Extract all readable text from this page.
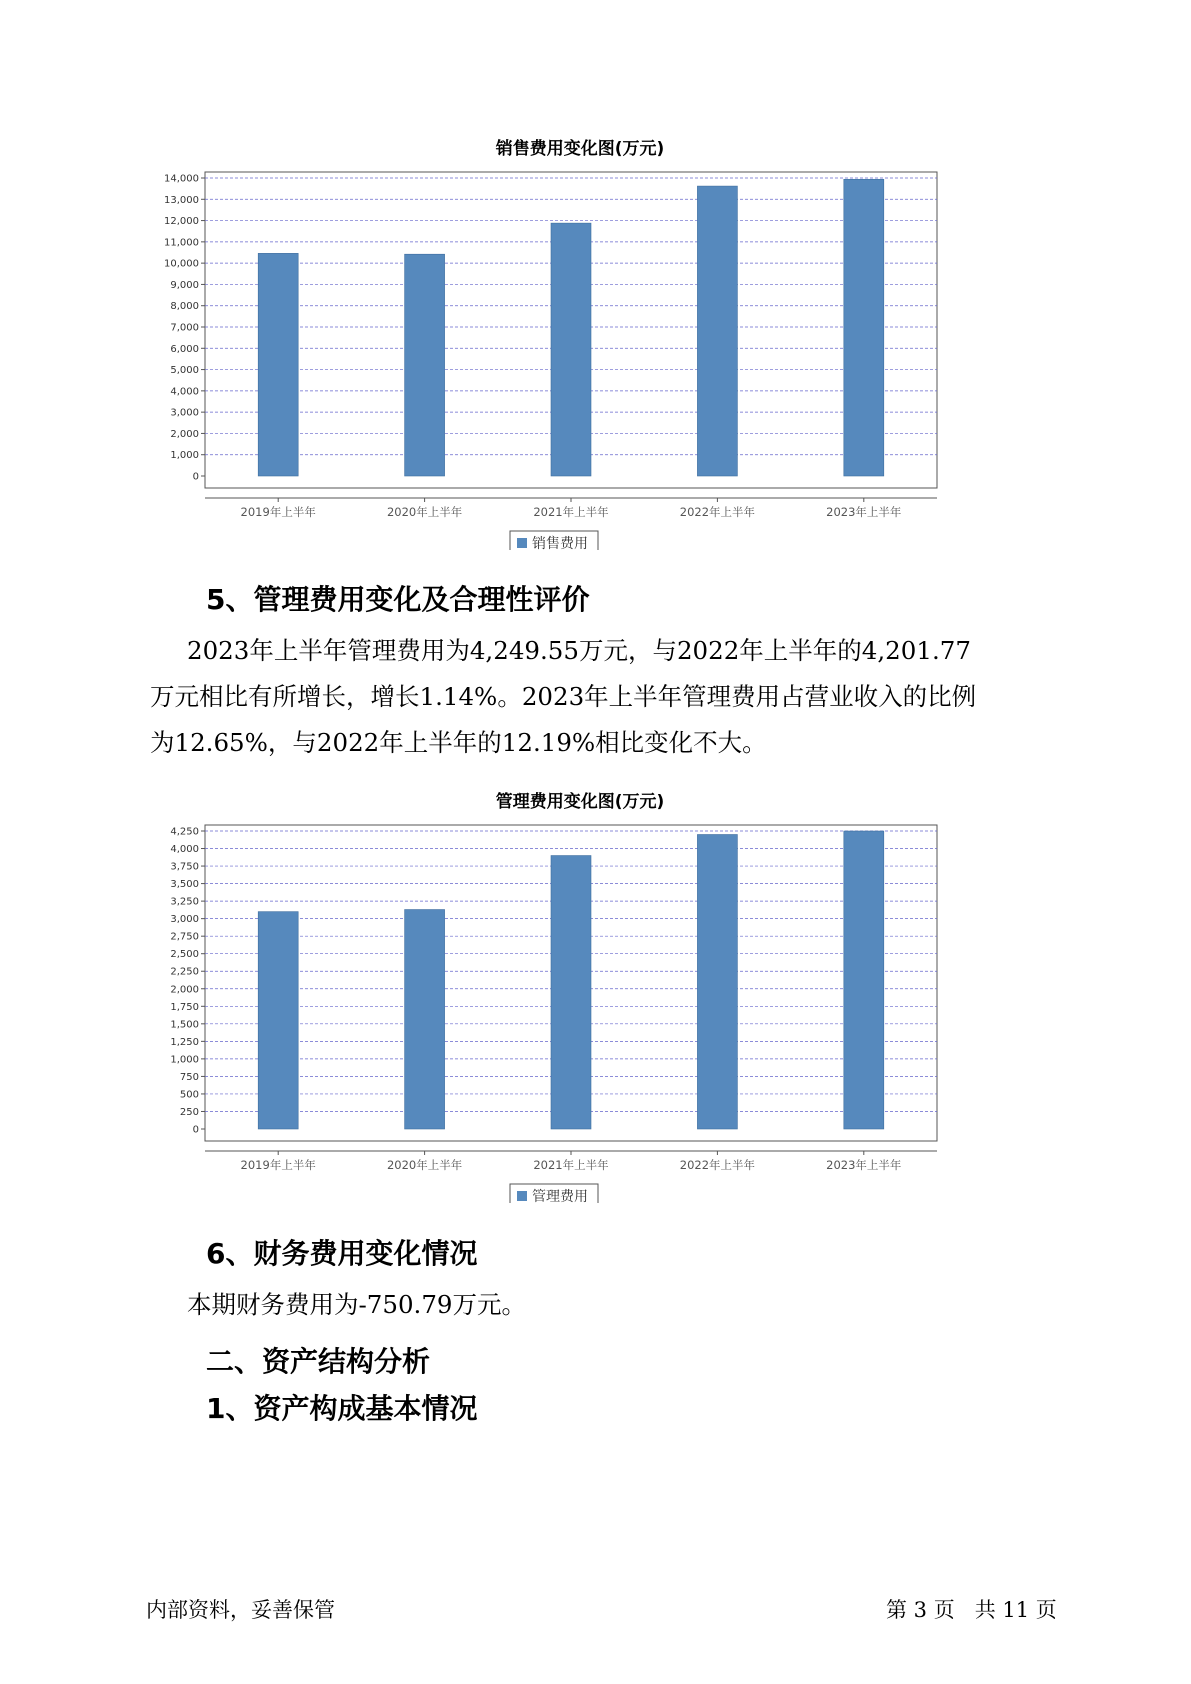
销售费用变化图(万元)
0
1,000
2,000
3,000
4,000
5,000
6,000
7,000
8,000
9,000
10,000
11,000
12,000
13,000
14,000
2019年上半年	2020年上半年	2021年上半年	2022年上半年	2023年上半年
销售费用
5、管理费用变化及合理性评价

2023年上半年管理费用为4,249.55万元，与2022年上半年的4,201.77

万元相比有所增长，增长1.14%。2023年上半年管理费用占营业收入的比例

为12.65%，与2022年上半年的12.19%相比变化不大。

管理费用变化图(万元)
0
250
500
750
1,000
1,250
1,500
1,750
2,000
2,250
2,500
2,750
3,000
3,250
3,500
3,750
4,000
4,250
2019年上半年	2020年上半年	2021年上半年	2022年上半年	2023年上半年
管理费用
6、财务费用变化情况

本期财务费用为-750.79万元。

二、资产结构分析
1、资产构成基本情况
内部资料，妥善保管	第 3 页   共 11 页
